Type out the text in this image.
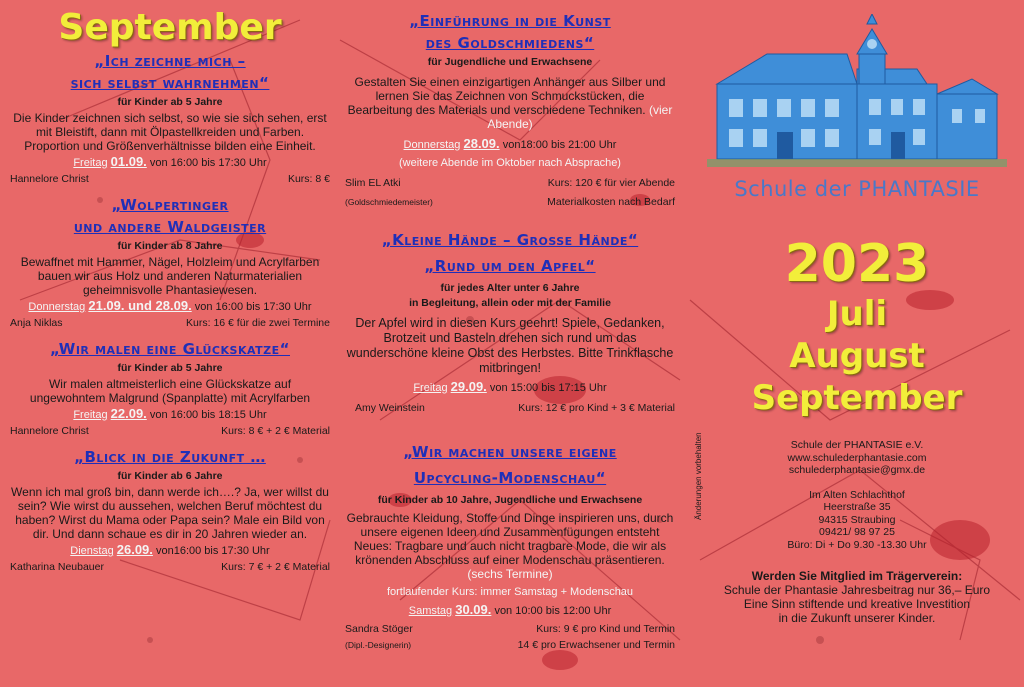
September
„Ich zeichne mich –
sich selbst wahrnehmen“
für Kinder ab 5 Jahre
Die Kinder zeichnen sich selbst, so wie sie sich sehen, erst mit Bleistift, dann mit Ölpastellkreiden und Farben. Proportion und Größenverhältnisse bilden eine Einheit.
Freitag 01.09. von 16:00 bis 17:30 Uhr
Hannelore Christ	Kurs: 8 €
„Wolpertinger
und andere Waldgeister
für Kinder ab 8 Jahre
Bewaffnet mit Hammer, Nägel, Holzleim und Acrylfarben bauen wir aus Holz und anderen Naturmaterialien geheimnisvolle Phantasiewesen.
Donnerstag 21.09. und 28.09. von 16:00 bis 17:30 Uhr
Anja Niklas	Kurs: 16 € für die zwei Termine
„Wir malen eine Glückskatze“
für Kinder ab 5 Jahre
Wir malen altmeisterlich eine Glückskatze auf ungewohntem Malgrund (Spanplatte) mit Acrylfarben
Freitag 22.09. von 16:00 bis 18:15 Uhr
Hannelore Christ	Kurs: 8 € + 2 € Material
„Blick in die Zukunft …
für Kinder ab 6 Jahre
Wenn ich mal groß bin, dann werde ich….? Ja, wer willst du sein? Wie wirst du aussehen, welchen Beruf möchtest du haben? Wirst du Mama oder Papa sein? Male ein Bild von dir. Und dann schaue es dir in 20 Jahren wieder an.
Dienstag 26.09. von16:00 bis 17:30 Uhr
Katharina Neubauer	Kurs: 7 € + 2 € Material
„Einführung in die Kunst
des Goldschmiedens“
für Jugendliche und Erwachsene
Gestalten Sie einen einzigartigen Anhänger aus Silber und lernen Sie das Zeichnen von Schmuckstücken, die Bearbeitung des Materials und verschiedene Techniken. (vier Abende)
Donnerstag 28.09. von18:00 bis 21:00 Uhr
(weitere Abende im Oktober nach Absprache)
Slim EL Atki	Kurs: 120 € für vier Abende
(Goldschmiedemeister)	Materialkosten nach Bedarf
„Kleine Hände – Grosse Hände“
„Rund um den Apfel“
für jedes Alter unter 6 Jahre
in Begleitung, allein oder mit der Familie
Der Apfel wird in diesen Kurs geehrt! Spiele, Gedanken, Brotzeit und Basteln drehen sich rund um das wunderschöne kleine Obst des Herbstes. Bitte Trinkflasche mitbringen!
Freitag 29.09. von 15:00 bis 17:15 Uhr
Amy Weinstein	Kurs: 12 € pro Kind + 3 € Material
„Wir machen unsere eigene
Upcycling-Modenschau“
für Kinder ab 10 Jahre, Jugendliche und Erwachsene
Gebrauchte Kleidung, Stoffe und Dinge inspirieren uns, durch unsere eigenen Ideen und Zusammenfügungen entsteht Neues: Tragbare und auch nicht tragbare Mode, die wir als krönenden Abschluss auf einer Modenschau präsentieren. (sechs Termine)
fortlaufender Kurs: immer Samstag + Modenschau
Samstag 30.09. von 10:00 bis 12:00 Uhr
Sandra Stöger	Kurs: 9 € pro Kind und Termin
(Dipl.-Designerin)	14 € pro Erwachsener und Termin
Schule der PHANTASIE
2023
Juli
August
September
Schule der PHANTASIE e.V.
www.schulederphantasie.com
schulederphantasie@gmx.de
Im Alten Schlachthof
Heerstraße 35
94315 Straubing
09421/ 98 97 25
Büro: Di + Do 9.30 -13.30 Uhr
Werden Sie Mitglied im Trägerverein:
Schule der Phantasie Jahresbeitrag nur 36,– Euro
Eine Sinn stiftende und kreative Investition
in die Zukunft unserer Kinder.
Änderungen vorbehalten
